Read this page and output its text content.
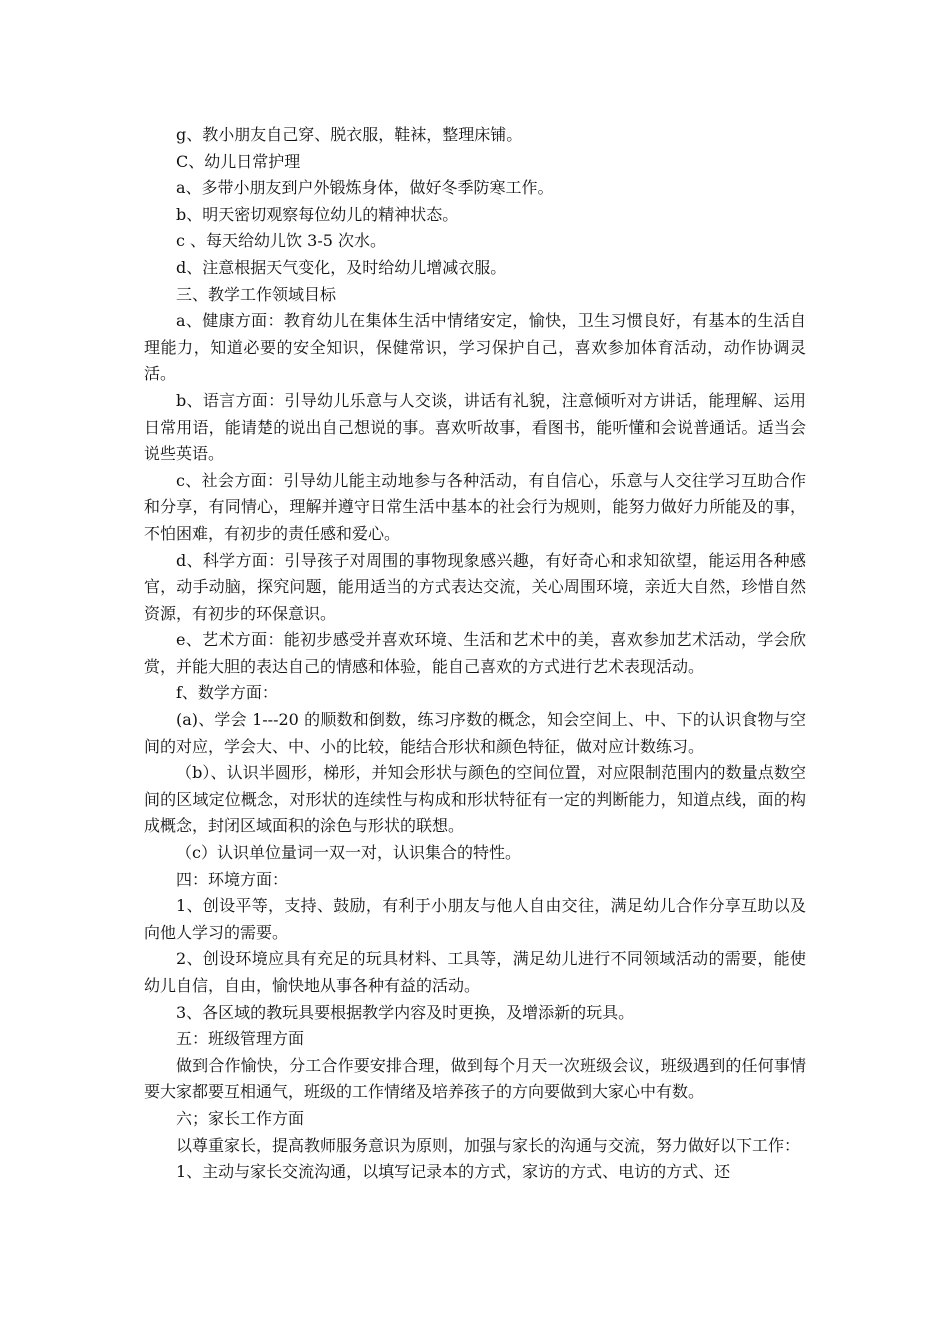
g、教小朋友自己穿、脱衣服，鞋袜，整理床铺。

C、幼儿日常护理

a、多带小朋友到户外锻炼身体，做好冬季防寒工作。

b、明天密切观察每位幼儿的精神状态。

c 、每天给幼儿饮 3-5 次水。

d、注意根据天气变化，及时给幼儿增减衣服。

三、教学工作领域目标

a、健康方面：教育幼儿在集体生活中情绪安定，愉快，卫生习惯良好，有基本的生活自理能力，知道必要的安全知识，保健常识，学习保护自己，喜欢参加体育活动，动作协调灵活。

b、语言方面：引导幼儿乐意与人交谈，讲话有礼貌，注意倾听对方讲话，能理解、运用日常用语，能请楚的说出自己想说的事。喜欢听故事，看图书，能听懂和会说普通话。适当会说些英语。

c、社会方面：引导幼儿能主动地参与各种活动，有自信心，乐意与人交往学习互助合作和分享，有同情心，理解并遵守日常生活中基本的社会行为规则，能努力做好力所能及的事，不怕困难，有初步的责任感和爱心。

d、科学方面：引导孩子对周围的事物现象感兴趣，有好奇心和求知欲望，能运用各种感官，动手动脑，探究问题，能用适当的方式表达交流，关心周围环境，亲近大自然，珍惜自然资源，有初步的环保意识。

e、艺术方面：能初步感受并喜欢环境、生活和艺术中的美，喜欢参加艺术活动，学会欣赏，并能大胆的表达自己的情感和体验，能自己喜欢的方式进行艺术表现活动。

f、数学方面：

(a)、学会 1---20 的顺数和倒数，练习序数的概念，知会空间上、中、下的认识食物与空间的对应，学会大、中、小的比较，能结合形状和颜色特征，做对应计数练习。

（b）、认识半圆形，梯形，并知会形状与颜色的空间位置，对应限制范围内的数量点数空间的区域定位概念，对形状的连续性与构成和形状特征有一定的判断能力，知道点线，面的构成概念，封闭区域面积的涂色与形状的联想。

（c）认识单位量词一双一对，认识集合的特性。

四：环境方面：

1、创设平等，支持、鼓励，有利于小朋友与他人自由交往，满足幼儿合作分享互助以及向他人学习的需要。

2、创设环境应具有充足的玩具材料、工具等，满足幼儿进行不同领域活动的需要，能使幼儿自信，自由，愉快地从事各种有益的活动。

3、各区域的教玩具要根据教学内容及时更换，及增添新的玩具。

五：班级管理方面

做到合作愉快，分工合作要安排合理，做到每个月天一次班级会议，班级遇到的任何事情要大家都要互相通气，班级的工作情绪及培养孩子的方向要做到大家心中有数。

六；家长工作方面

以尊重家长，提高教师服务意识为原则，加强与家长的沟通与交流，努力做好以下工作：

1、主动与家长交流沟通，以填写记录本的方式，家访的方式、电访的方式、还
